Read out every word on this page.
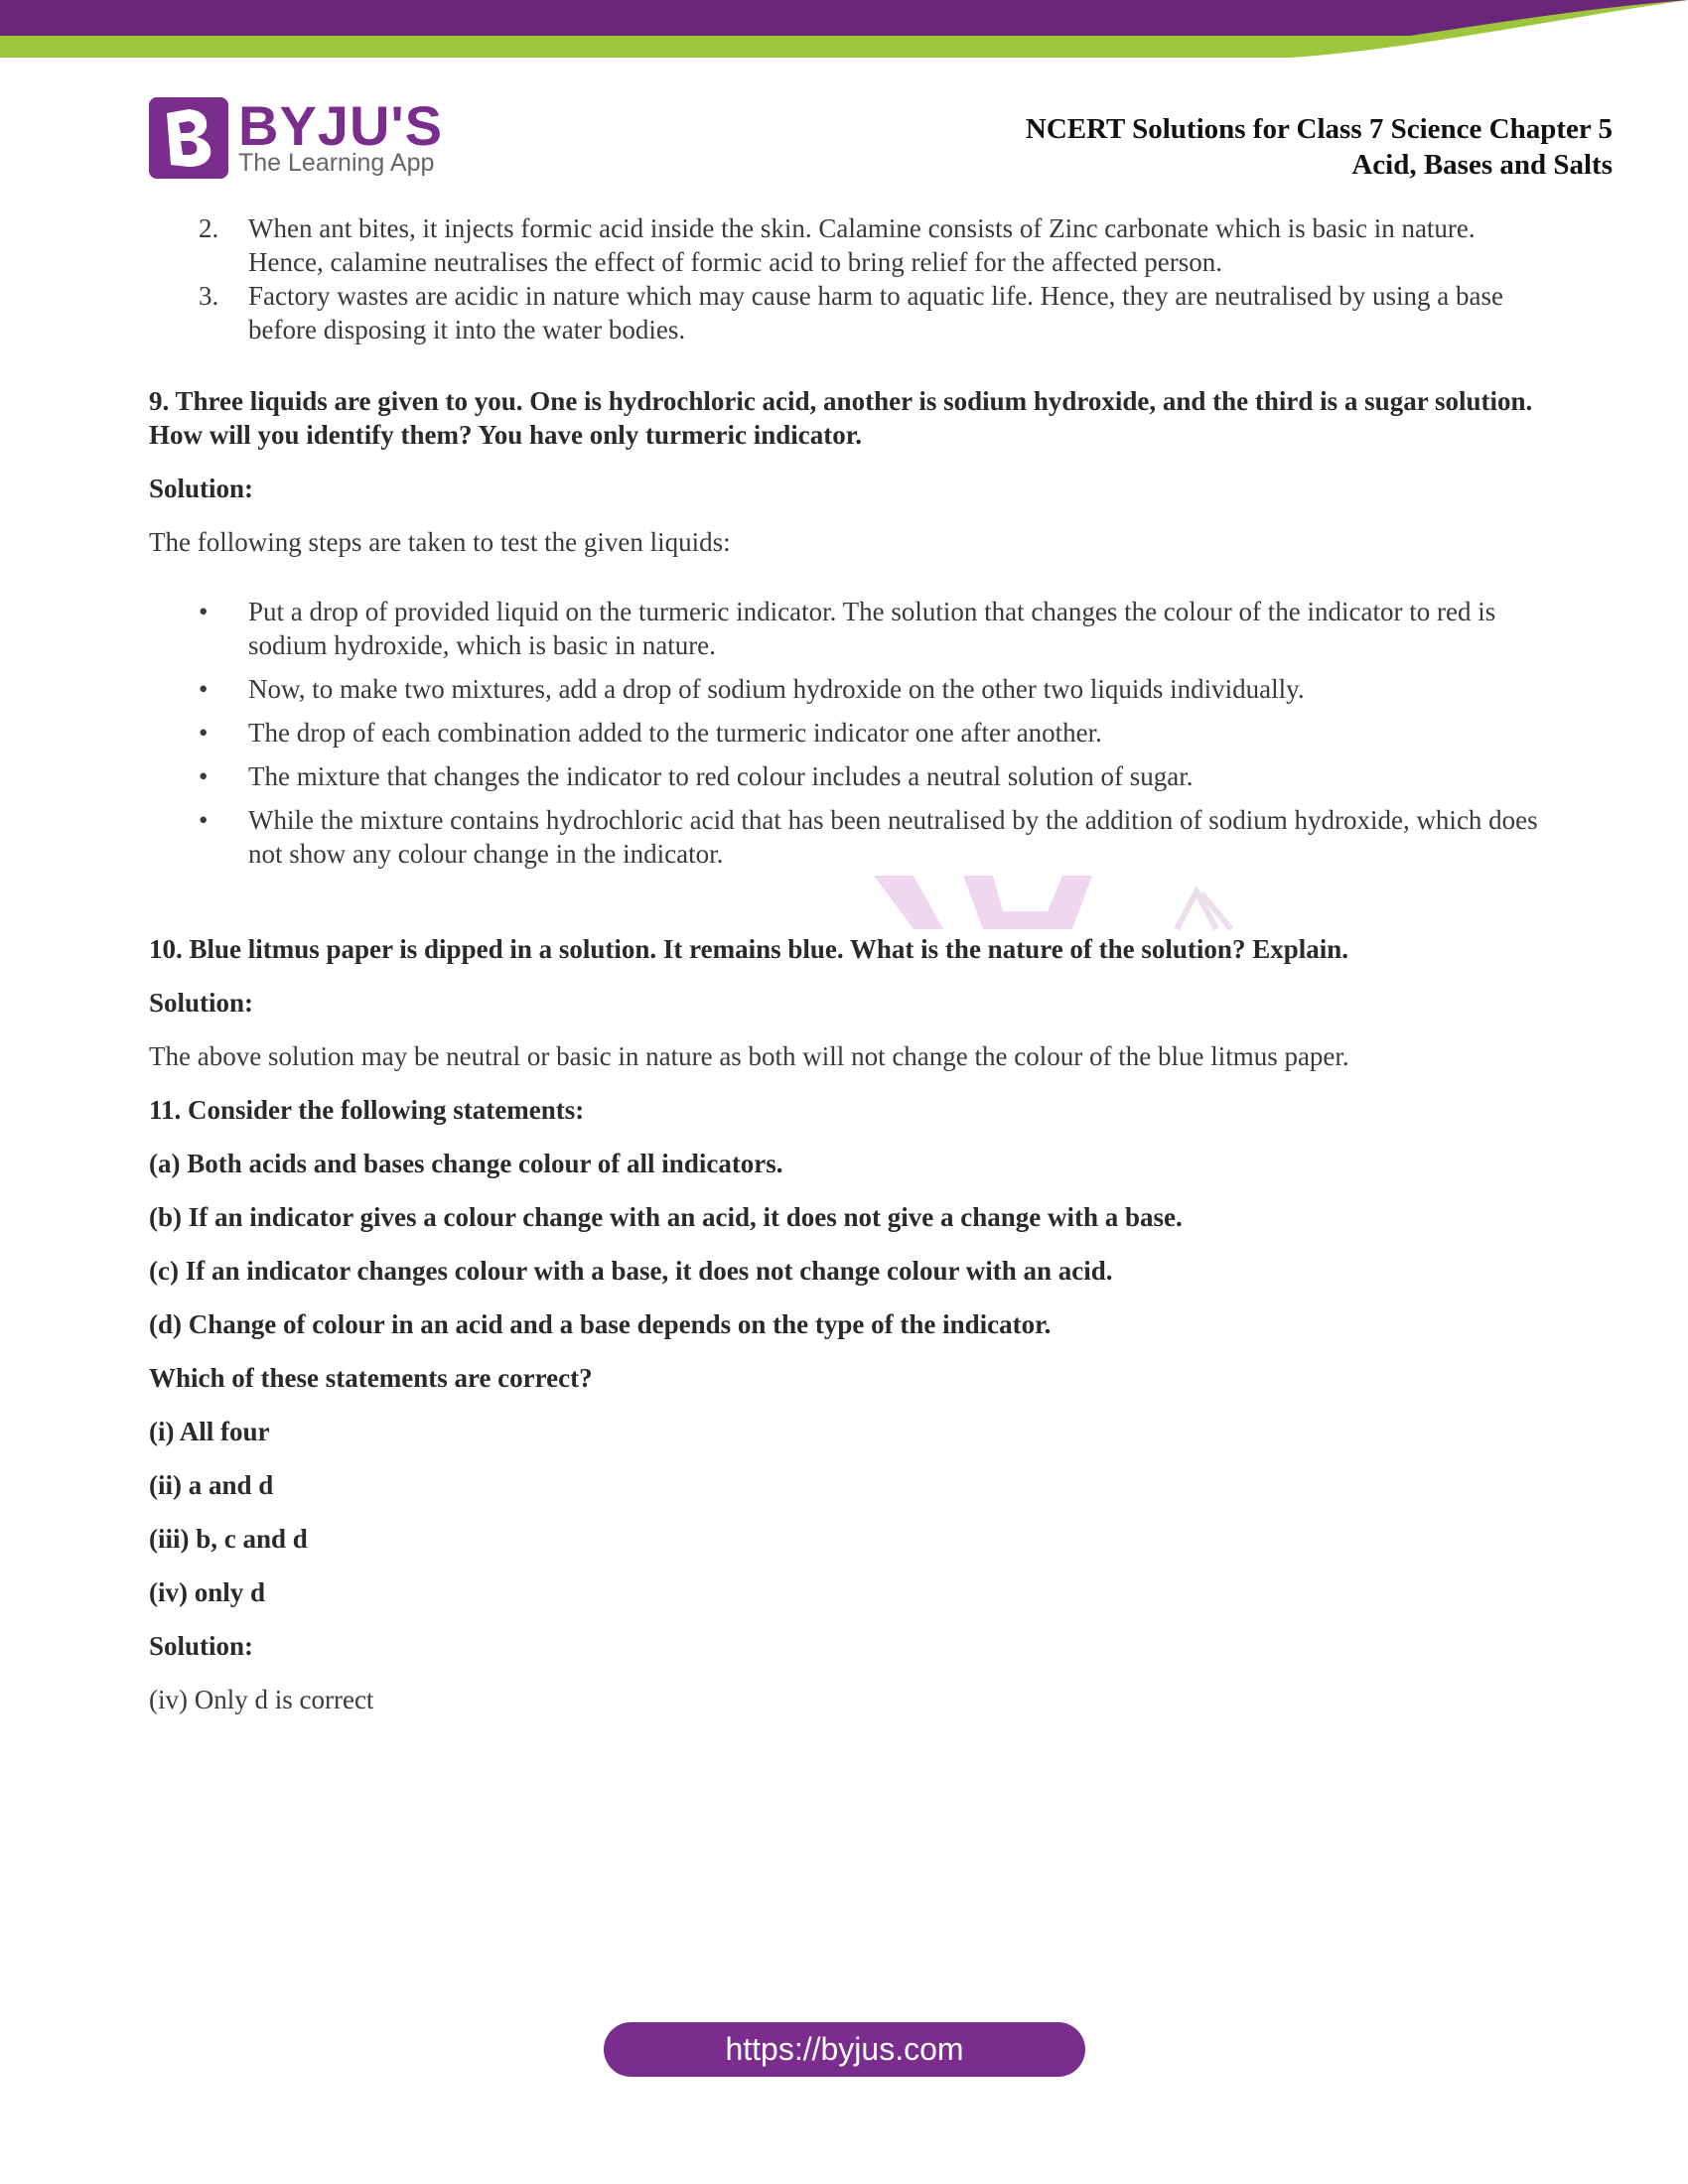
BYJU'S
The Learning App
NCERT Solutions for Class 7 Science Chapter 5
Acid, Bases and Salts
2. When ant bites, it injects formic acid inside the skin. Calamine consists of Zinc carbonate which is basic in nature. Hence, calamine neutralises the effect of formic acid to bring relief for the affected person.
3. Factory wastes are acidic in nature which may cause harm to aquatic life. Hence, they are neutralised by using a base before disposing it into the water bodies.

9. Three liquids are given to you. One is hydrochloric acid, another is sodium hydroxide, and the third is a sugar solution. How will you identify them? You have only turmeric indicator.

Solution:

The following steps are taken to test the given liquids:

• Put a drop of provided liquid on the turmeric indicator. The solution that changes the colour of the indicator to red is sodium hydroxide, which is basic in nature.
• Now, to make two mixtures, add a drop of sodium hydroxide on the other two liquids individually.
• The drop of each combination added to the turmeric indicator one after another.
• The mixture that changes the indicator to red colour includes a neutral solution of sugar.
• While the mixture contains hydrochloric acid that has been neutralised by the addition of sodium hydroxide, which does not show any colour change in the indicator.

10. Blue litmus paper is dipped in a solution. It remains blue. What is the nature of the solution? Explain.

Solution:

The above solution may be neutral or basic in nature as both will not change the colour of the blue litmus paper.

11. Consider the following statements:

(a) Both acids and bases change colour of all indicators.

(b) If an indicator gives a colour change with an acid, it does not give a change with a base.

(c) If an indicator changes colour with a base, it does not change colour with an acid.

(d) Change of colour in an acid and a base depends on the type of the indicator.

Which of these statements are correct?

(i) All four

(ii) a and d

(iii) b, c and d

(iv) only d

Solution:

(iv) Only d is correct

https://byjus.com
